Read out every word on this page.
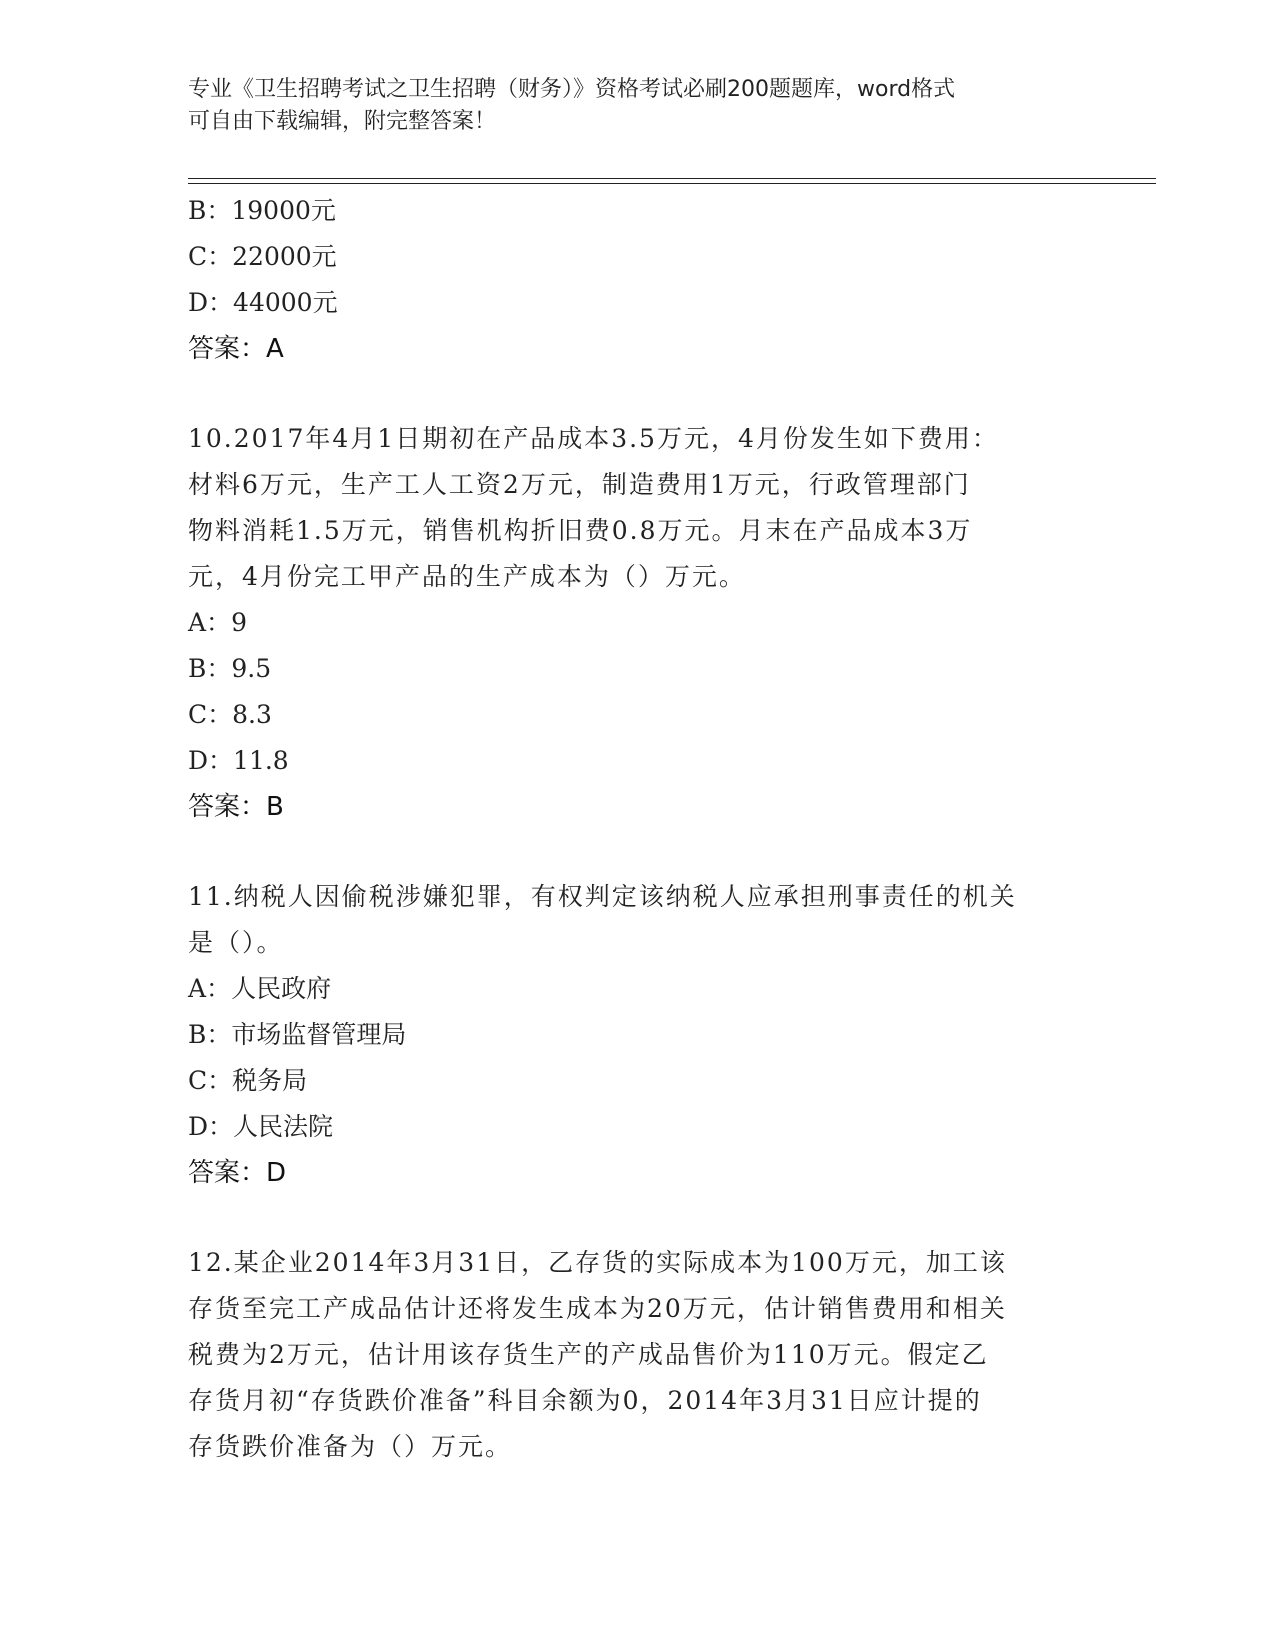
专业《卫生招聘考试之卫生招聘（财务）》资格考试必刷200题题库，word格式
可自由下载编辑，附完整答案！
B：19000元
C：22000元
D：44000元
答案：A
10.2017年4月1日期初在产品成本3.5万元，4月份发生如下费用：
材料6万元，生产工人工资2万元，制造费用1万元，行政管理部门
物料消耗1.5万元，销售机构折旧费0.8万元。月末在产品成本3万
元，4月份完工甲产品的生产成本为（）万元。
A：9
B：9.5
C：8.3
D：11.8
答案：B
11.纳税人因偷税涉嫌犯罪，有权判定该纳税人应承担刑事责任的机关
是（）。
A：人民政府
B：市场监督管理局
C：税务局
D：人民法院
答案：D
12.某企业2014年3月31日，乙存货的实际成本为100万元，加工该
存货至完工产成品估计还将发生成本为20万元，估计销售费用和相关
税费为2万元，估计用该存货生产的产成品售价为110万元。假定乙
存货月初“存货跌价准备”科目余额为0，2014年3月31日应计提的
存货跌价准备为（）万元。
